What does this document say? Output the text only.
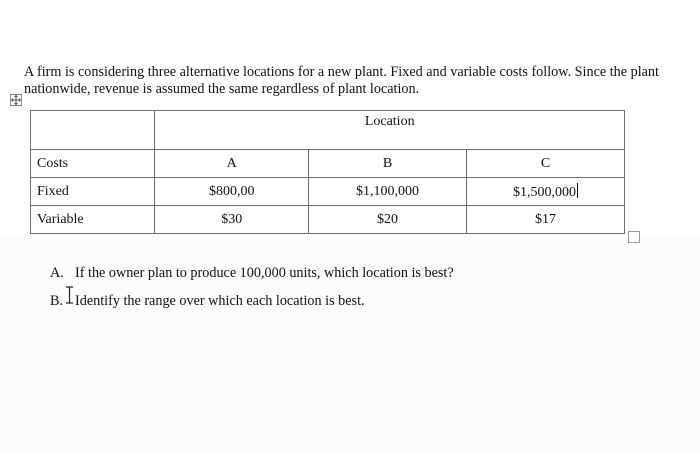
A firm is considering three alternative locations for a new plant. Fixed and variable costs follow. Since the plant nationwide, revenue is assumed the same regardless of plant location.
	Location		
Costs	A	B	C
Fixed	$800,00	$1,100,000	$1,500,000
Variable	$30	$20	$17
A. If the owner plan to produce 100,000 units, which location is best?
B. Identify the range over which each location is best.
